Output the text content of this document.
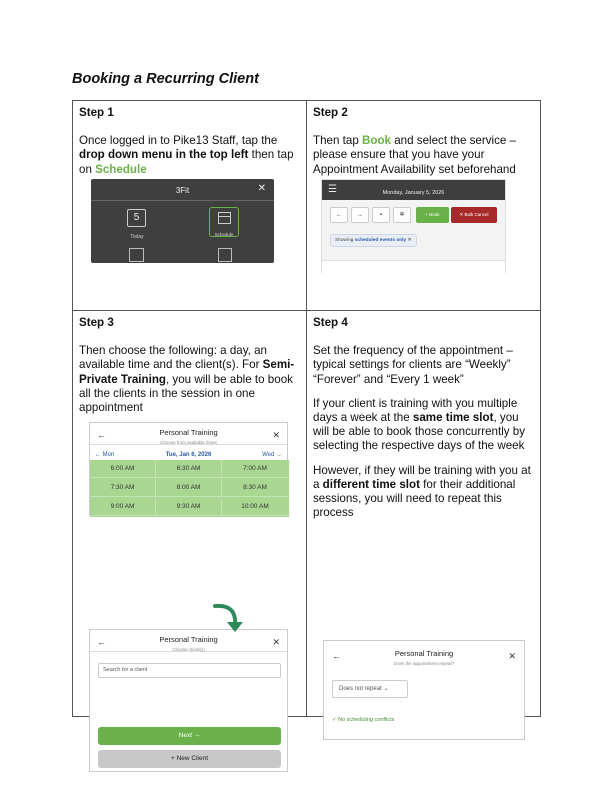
Booking a Recurring Client
Step 1
Once logged in to Pike13 Staff, tap the drop down menu in the top left then tap on Schedule
3Fit	✕
5
Today	Schedule
Step 2
Then tap Book and select the service – please ensure that you have your Appointment Availability set beforehand
☰	Monday, January 5, 2026
←	→	▪	✲	+ Book	✕ Bulk Cancel
Showing scheduled events only ✕
Step 3
Then choose the following: a day, an available time and the client(s). For Semi-Private Training, you will be able to book all the clients in the session in one appointment
←	Personal Training
Choose from available times
✕
← Mon	Tue, Jan 6, 2026	Wed →
6:00 AM	6:30 AM	7:00 AM
7:30 AM	8:00 AM	8:30 AM
9:00 AM	9:30 AM	10:00 AM
←	Personal Training
Choose client(s)
✕
Search for a client
Next →
+ New Client
Step 4
Set the frequency of the appointment – typical settings for clients are “Weekly” “Forever” and “Every 1 week”
If your client is training with you multiple days a week at the same time slot, you will be able to book those concurrently by selecting the respective days of the week
However, if they will be training with you at a different time slot for their additional sessions, you will need to repeat this process
←	Personal Training
Does the appointment repeat?
✕
Does not repeat ⌄
✓ No scheduling conflicts
